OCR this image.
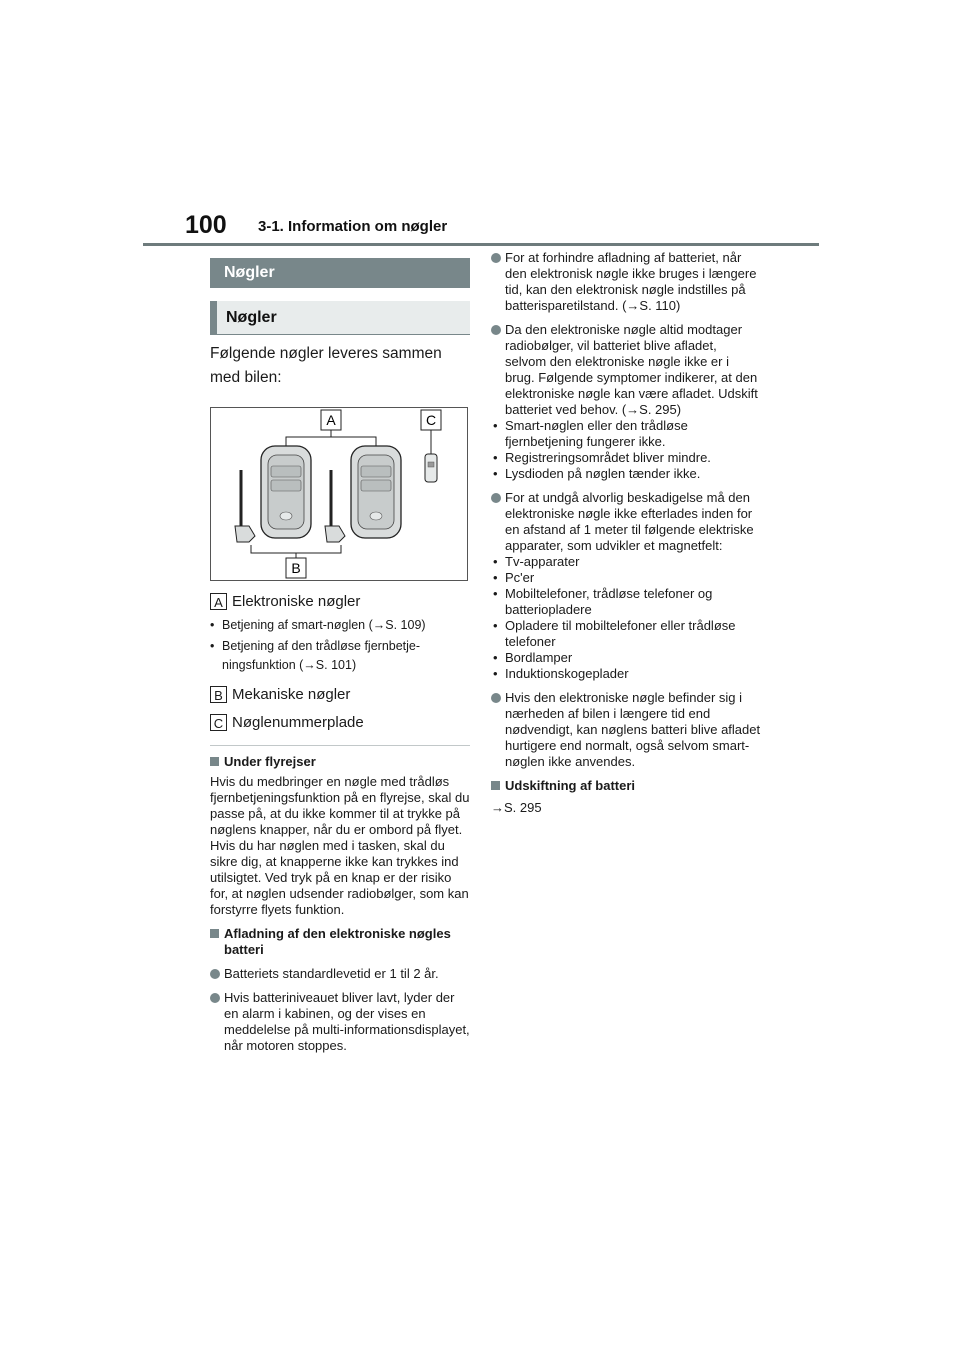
100 3-1. Information om nøgler
Nøgler
Nøgler
Følgende nøgler leveres sammen med bilen:
A	C
B
A Elektroniske nøgler
• Betjening af smart-nøglen (→S. 109)
• Betjening af den trådløse fjernbetje-ningsfunktion (→S. 101)
B Mekaniske nøgler
C Nøglenummerplade
Under flyrejser
Hvis du medbringer en nøgle med trådløs fjernbetjeningsfunktion på en flyrejse, skal du passe på, at du ikke kommer til at trykke på nøglens knapper, når du er ombord på flyet. Hvis du har nøglen med i tasken, skal du sikre dig, at knapperne ikke kan trykkes ind utilsigtet. Ved tryk på en knap er der risiko for, at nøglen udsender radiobølger, som kan forstyrre flyets funktion.
Afladning af den elektroniske nøgles batteri
Batteriets standardlevetid er 1 til 2 år.
Hvis batteriniveauet bliver lavt, lyder der en alarm i kabinen, og der vises en meddelelse på multi-informationsdisplayet, når motoren stoppes.
For at forhindre afladning af batteriet, når den elektronisk nøgle ikke bruges i længere tid, kan den elektronisk nøgle indstilles på batterisparetilstand. (→S. 110)
Da den elektroniske nøgle altid modtager radiobølger, vil batteriet blive afladet, selvom den elektroniske nøgle ikke er i brug. Følgende symptomer indikerer, at den elektroniske nøgle kan være afladet. Udskift batteriet ved behov. (→S. 295)
• Smart-nøglen eller den trådløse fjernbetjening fungerer ikke.
• Registreringsområdet bliver mindre.
• Lysdioden på nøglen tænder ikke.
For at undgå alvorlig beskadigelse må den elektroniske nøgle ikke efterlades inden for en afstand af 1 meter til følgende elektriske apparater, som udvikler et magnetfelt:
• Tv-apparater
• Pc'er
• Mobiltelefoner, trådløse telefoner og batteriopladere
• Opladere til mobiltelefoner eller trådløse telefoner
• Bordlamper
• Induktionskogeplader
Hvis den elektroniske nøgle befinder sig i nærheden af bilen i længere tid end nødvendigt, kan nøglens batteri blive afladet hurtigere end normalt, også selvom smart-nøglen ikke anvendes.
Udskiftning af batteri
→S. 295
